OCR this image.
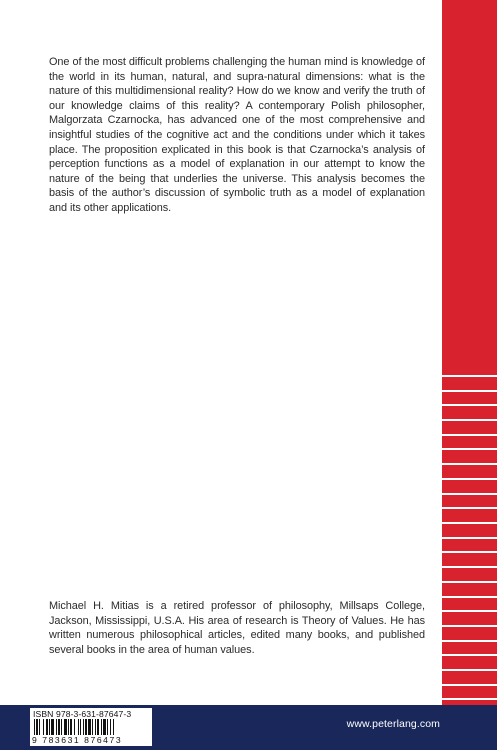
One of the most difficult problems challenging the human mind is knowledge of the world in its human, natural, and supra-natural dimensions: what is the nature of this multidimensional reality? How do we know and verify the truth of our knowledge claims of this reality? A contemporary Polish philosopher, Malgorzata Czarnocka, has advanced one of the most comprehensive and insightful studies of the cognitive act and the conditions under which it takes place. The proposition explicated in this book is that Czarnocka’s analysis of perception functions as a model of explanation in our attempt to know the nature of the being that underlies the universe. This analysis becomes the basis of the author’s discussion of symbolic truth as a model of explanation and its other applications.

Michael H. Mitias is a retired professor of philosophy, Millsaps College, Jackson, Mississippi, U.S.A. His area of research is Theory of Values. He has written numerous philosophical articles, edited many books, and published several books in the area of human values.

ISBN 978-3-631-87647-3
9 783631 876473
www.peterlang.com
